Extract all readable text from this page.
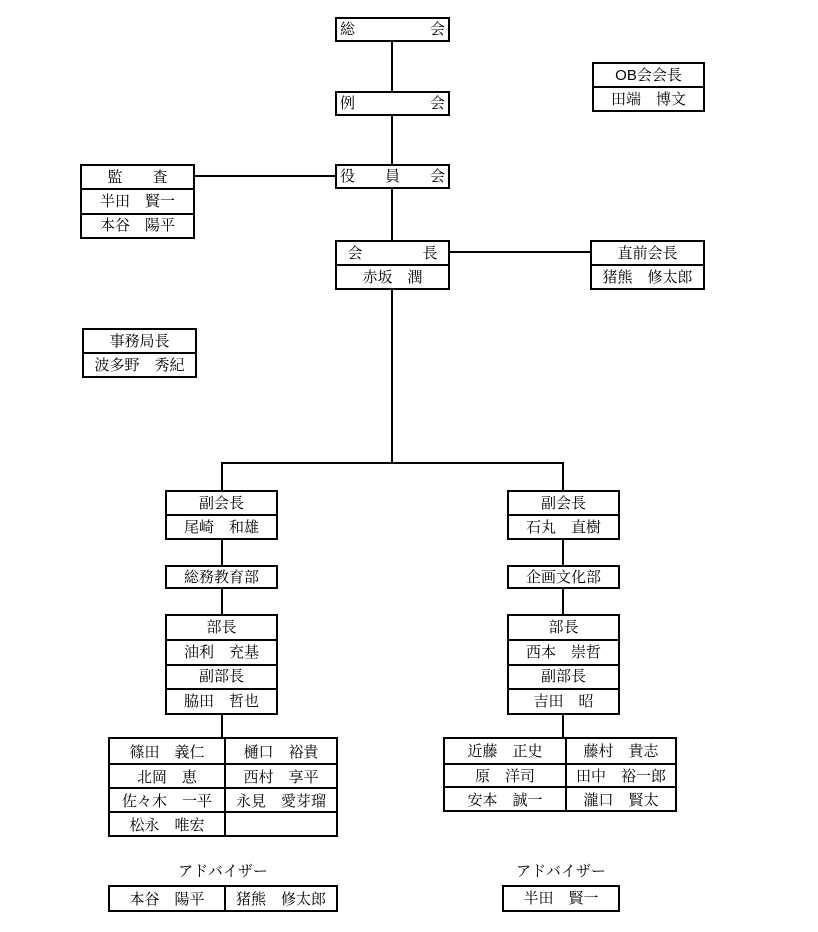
総　　　　　会
例　　　　　会
OB会会長
田端　博文
監　　査
半田　賢一
本谷　陽平
役　　員　　会
会　　　　長
赤坂　潤
直前会長
猪熊　修太郎
事務局長
波多野　秀紀
副会長
尾崎　和雄
総務教育部
部長
油利　充基
副部長
脇田　哲也
篠田　義仁	樋口　裕貴
北岡　恵	西村　享平
佐々木　一平	永見　愛芽瑠
松永　唯宏
副会長
石丸　直樹
企画文化部
部長
西本　崇哲
副部長
吉田　昭
近藤　正史	藤村　貴志
原　洋司	田中　裕一郎
安本　誠一	瀧口　賢太
アドバイザー
本谷　陽平	猪熊　修太郎
アドバイザー
半田　賢一
